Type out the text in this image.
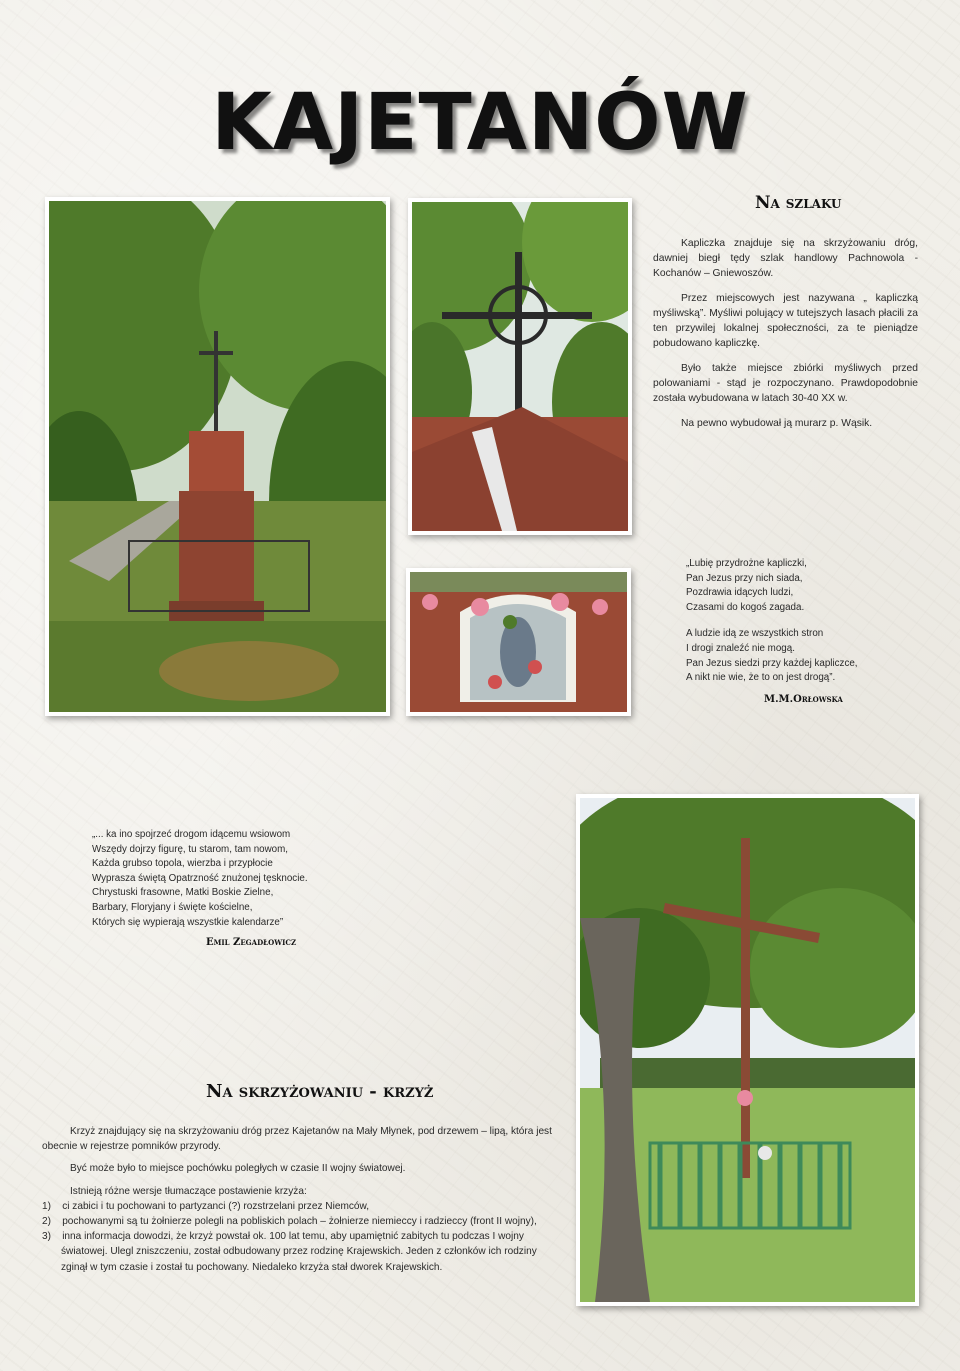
KAJETANÓW
Na szlaku

Kapliczka znajduje się na skrzyżowaniu dróg, dawniej biegł tędy szlak handlowy Pachnowola - Kochanów – Gniewoszów.

Przez miejscowych jest nazywana „ kapliczką myśliwską”. Myśliwi polujący w tutejszych lasach płacili za ten przywilej lokalnej społeczności, za te pieniądze pobudowano kapliczkę.

Było także miejsce zbiórki myśliwych przed polowaniami - stąd je rozpoczynano. Prawdopodobnie została wybudowana w latach 30-40 XX w.

Na pewno wybudował ją murarz p. Wąsik.

„Lubię przydrożne kapliczki,
Pan Jezus przy nich siada,
Pozdrawia idących ludzi,
Czasami do kogoś zagada.
A ludzie idą ze wszystkich stron
I drogi znaleźć nie mogą.
Pan Jezus siedzi przy każdej kapliczce,
A nikt nie wie, że to on jest drogą”.
M.M.Orłowska
„... ka ino spojrzeć drogom idącemu wsiowom
Wszędy dojrzy figurę, tu starom, tam nowom,
Każda grubso topola, wierzba i przypłocie
Wyprasza świętą Opatrzność znużonej tęsknocie.
Chrystuski frasowne, Matki Boskie Zielne,
Barbary, Floryjany i święte kościelne,
Których się wypierają wszystkie kalendarze”
Emil Zegadłowicz
Na skrzyżowaniu - krzyż
Krzyż znajdujący się na skrzyżowaniu dróg przez Kajetanów na Mały Młynek, pod drzewem – lipą, która jest obecnie w rejestrze pomników przyrody.
Być może było to miejsce pochówku poległych w czasie II wojny światowej.
Istnieją różne wersje tłumaczące postawienie krzyża:
1)    ci zabici i tu pochowani to partyzanci (?) rozstrzelani przez Niemców,
2)    pochowanymi są tu żołnierze polegli na pobliskich polach – żołnierze niemieccy i radzieccy (front II wojny),
3)    inna informacja dowodzi, że krzyż powstał ok. 100 lat temu, aby upamiętnić zabitych tu podczas I wojny światowej. Ulegl zniszczeniu, został odbudowany przez rodzinę Krajewskich. Jeden z członków ich rodziny zginął w tym czasie i został tu pochowany. Niedaleko krzyża stał dworek Krajewskich.
